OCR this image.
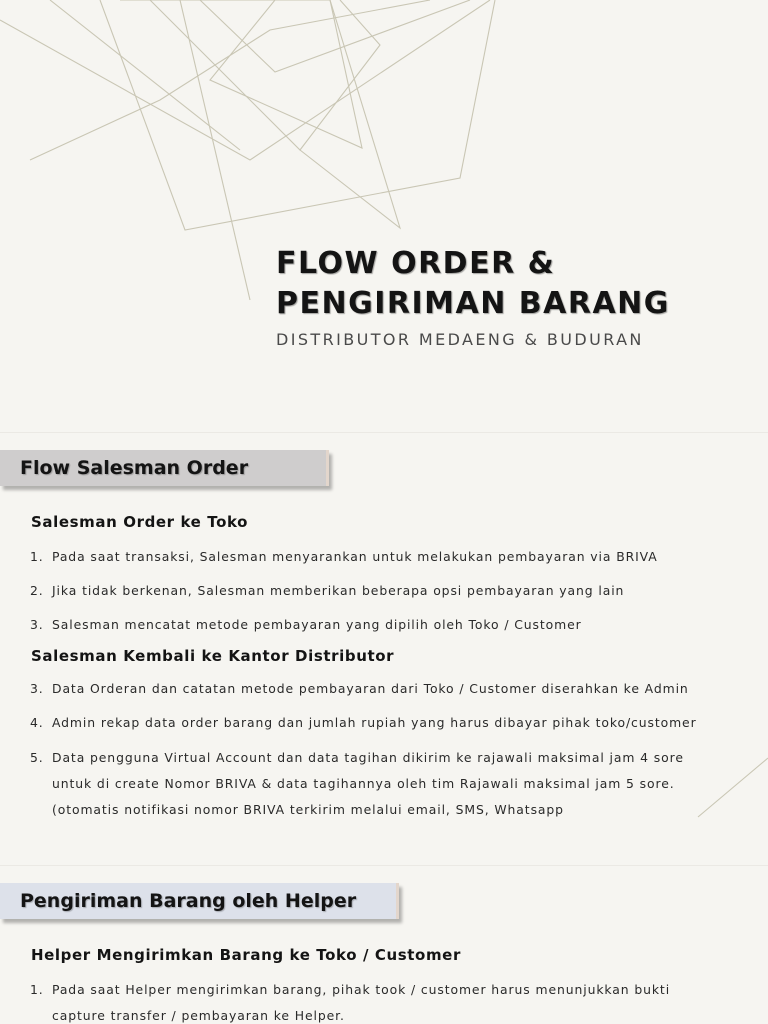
FLOW ORDER &
PENGIRIMAN BARANG
DISTRIBUTOR MEDAENG & BUDURAN
Flow Salesman Order
Salesman Order ke Toko
1. Pada saat transaksi, Salesman menyarankan untuk melakukan pembayaran via BRIVA
2. Jika tidak berkenan, Salesman memberikan beberapa opsi pembayaran yang lain
3. Salesman mencatat metode pembayaran yang dipilih oleh Toko / Customer
Salesman Kembali ke Kantor Distributor
3. Data Orderan dan catatan metode pembayaran dari Toko / Customer diserahkan ke Admin
4. Admin rekap data order barang dan jumlah rupiah yang harus dibayar pihak toko/customer
5. Data pengguna Virtual Account dan data tagihan dikirim ke rajawali maksimal jam 4 sore
untuk di create Nomor BRIVA & data tagihannya oleh tim Rajawali maksimal jam 5 sore.
(otomatis notifikasi nomor BRIVA terkirim melalui email, SMS, Whatsapp
Pengiriman Barang oleh Helper
Helper Mengirimkan Barang ke Toko / Customer
1. Pada saat Helper mengirimkan barang, pihak took / customer harus menunjukkan bukti
capture transfer / pembayaran ke Helper.
